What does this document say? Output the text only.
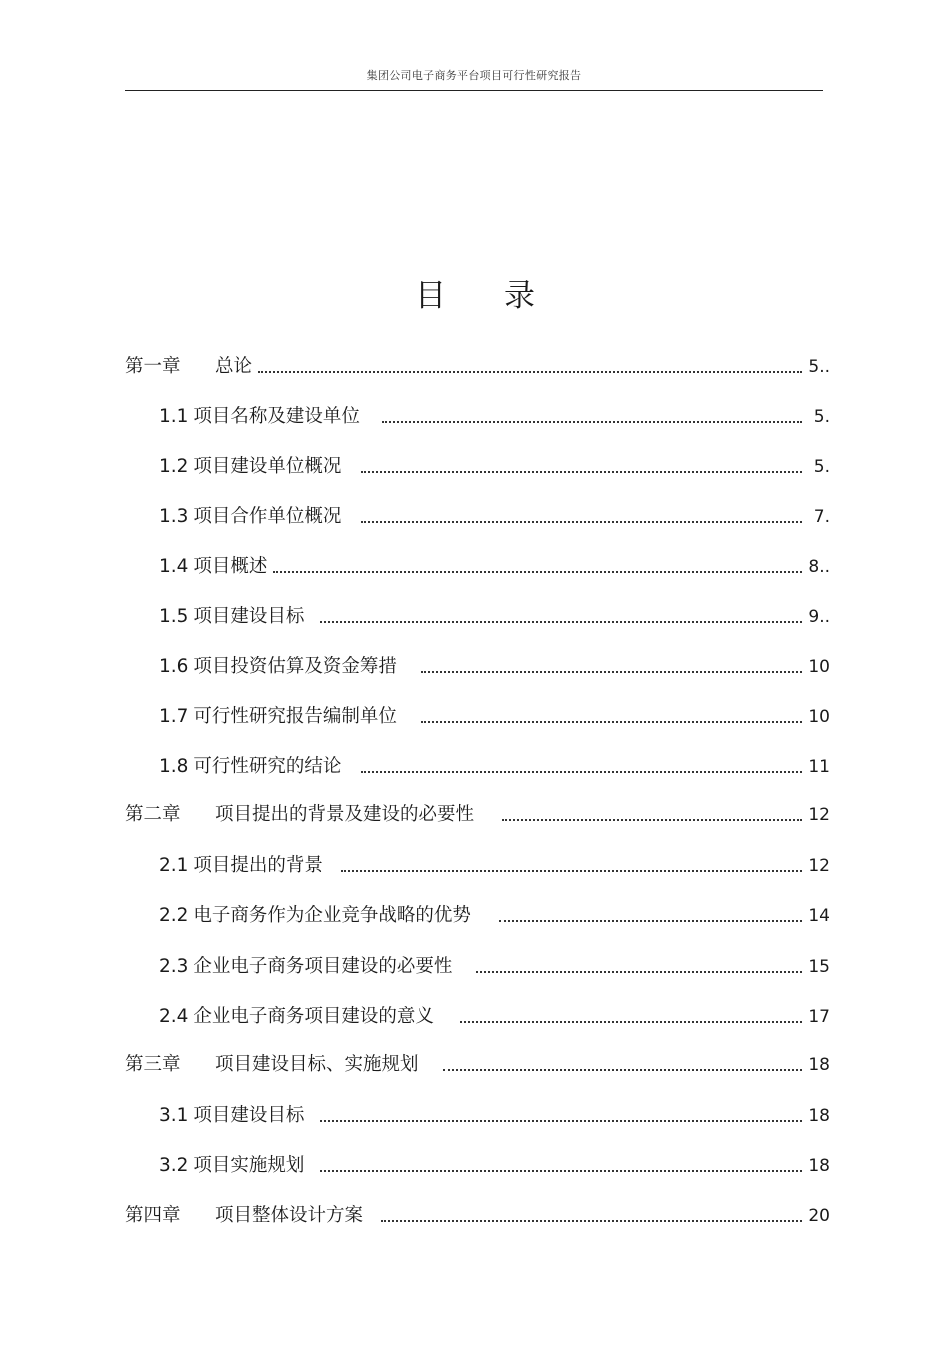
集团公司电子商务平台项目可行性研究报告
目 录
第一章	总论	5..
1.1 项目名称及建设单位	5.
1.2 项目建设单位概况	5.
1.3 项目合作单位概况	7.
1.4 项目概述	8..
1.5 项目建设目标	9..
1.6 项目投资估算及资金筹措	10
1.7 可行性研究报告编制单位	10
1.8 可行性研究的结论	11
第二章	项目提出的背景及建设的必要性	12
2.1 项目提出的背景	12
2.2 电子商务作为企业竞争战略的优势	14
2.3 企业电子商务项目建设的必要性	15
2.4 企业电子商务项目建设的意义	17
第三章	项目建设目标、实施规划	18
3.1 项目建设目标	18
3.2 项目实施规划	18
第四章	项目整体设计方案	20
